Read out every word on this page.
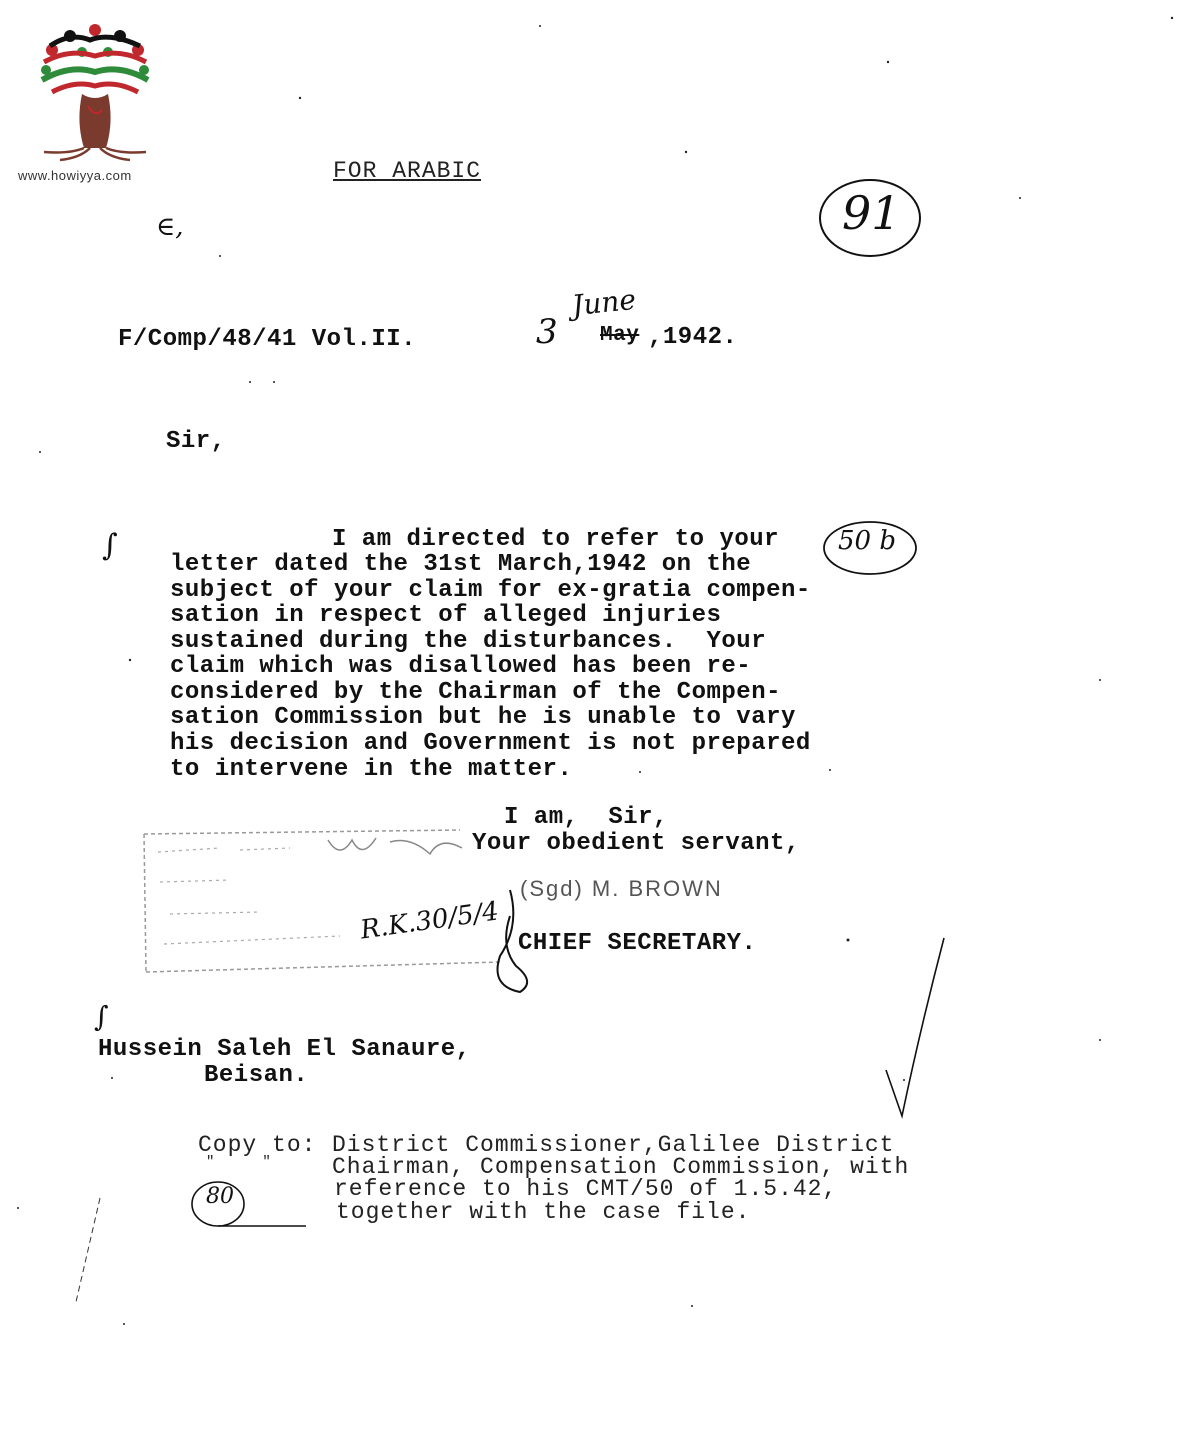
www.howiyya.com	FOR ARABIC
91
∈,
F/Comp/48/41 Vol.II.	3
June
May ,1942.
Sir,
∫	50 b
I am directed to refer to your
letter dated the 31st March,1942 on the
subject of your claim for ex-gratia compen-
sation in respect of alleged injuries
sustained during the disturbances.  Your
claim which was disallowed has been re-
considered by the Chairman of the Compen-
sation Commission but he is unable to vary
his decision and Government is not prepared
to intervene in the matter.
I am,  Sir,
Your obedient servant,
(Sgd) M. BROWN
R.K.30/5/4 CHIEF SECRETARY.
∫
Hussein Saleh El Sanaure,
Beisan.
Copy to:
"     "
District Commissioner,Galilee District
Chairman, Compensation Commission, with
reference to his CMT/50 of 1.5.42,
together with the case file.
80
